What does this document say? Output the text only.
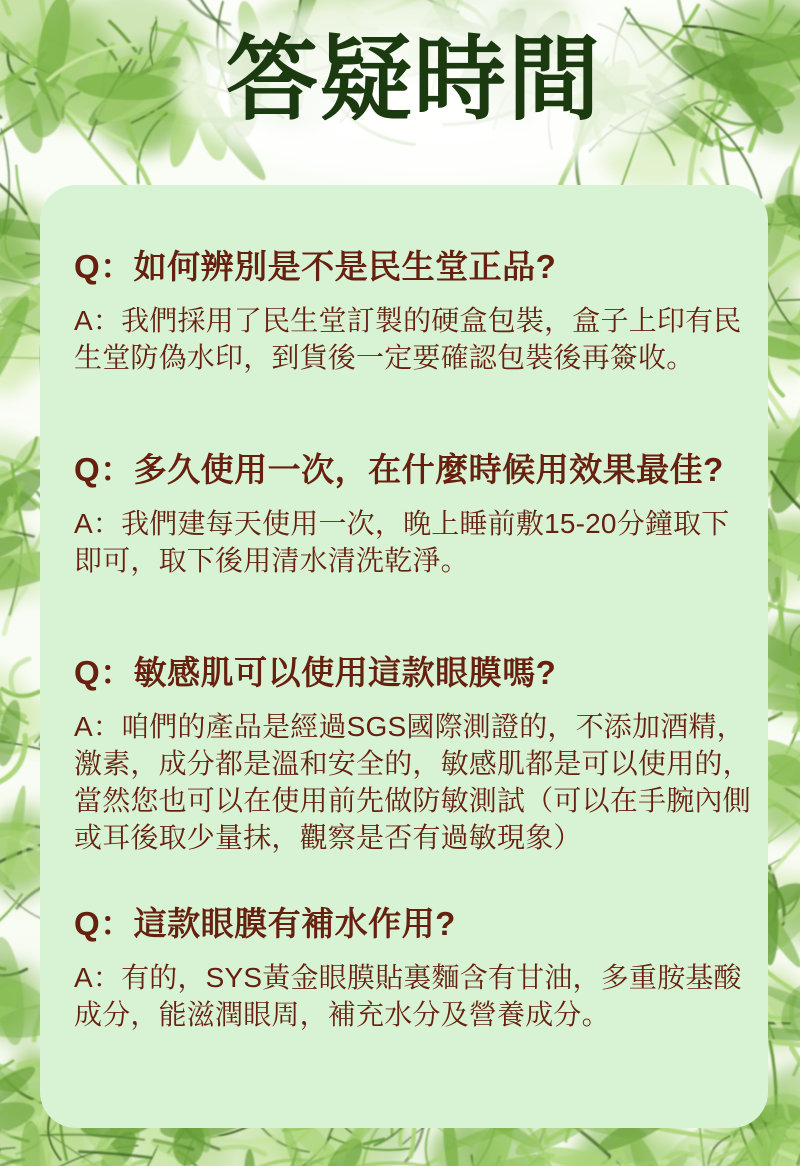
答疑時間
Q：如何辨別是不是民生堂正品?
A：我們採用了民生堂訂製的硬盒包裝，盒子上印有民生堂防偽水印，到貨後一定要確認包裝後再簽收。
Q：多久使用一次，在什麼時候用效果最佳?
A：我們建每天使用一次，晚上睡前敷15-20分鐘取下即可，取下後用清水清洗乾淨。
Q：敏感肌可以使用這款眼膜嗎?
A：咱們的產品是經過SGS國際測證的，不添加酒精，激素，成分都是溫和安全的，敏感肌都是可以使用的，當然您也可以在使用前先做防敏測試（可以在手腕內側或耳後取少量抹，觀察是否有過敏現象）
Q：這款眼膜有補水作用?
A：有的，SYS黃金眼膜貼裏麵含有甘油，多重胺基酸成分，能滋潤眼周，補充水分及營養成分。
